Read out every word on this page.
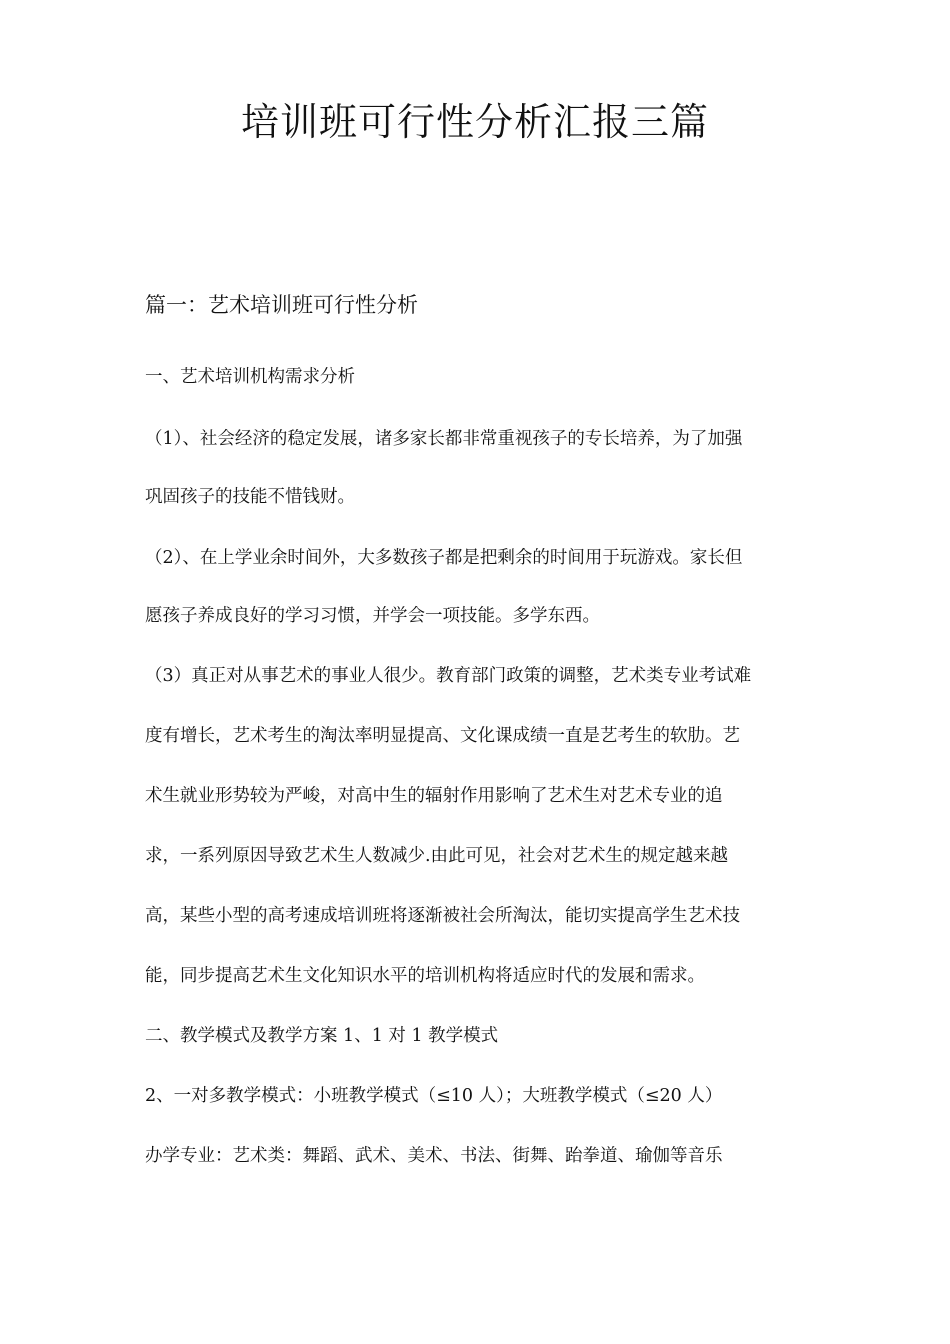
培训班可行性分析汇报三篇
篇一：艺术培训班可行性分析

一、艺术培训机构需求分析

（1）、社会经济的稳定发展，诸多家长都非常重视孩子的专长培养，为了加强

巩固孩子的技能不惜钱财。

（2）、在上学业余时间外，大多数孩子都是把剩余的时间用于玩游戏。家长但

愿孩子养成良好的学习习惯，并学会一项技能。多学东西。

（3）真正对从事艺术的事业人很少。教育部门政策的调整，艺术类专业考试难

度有增长，艺术考生的淘汰率明显提高、文化课成绩一直是艺考生的软肋。艺

术生就业形势较为严峻，对高中生的辐射作用影响了艺术生对艺术专业的追

求，一系列原因导致艺术生人数减少.由此可见，社会对艺术生的规定越来越

高，某些小型的高考速成培训班将逐渐被社会所淘汰，能切实提高学生艺术技

能，同步提高艺术生文化知识水平的培训机构将适应时代的发展和需求。

二、教学模式及教学方案 1、1 对 1 教学模式

2、一对多教学模式：小班教学模式（≤10 人）；大班教学模式（≤20 人）

办学专业：艺术类：舞蹈、武术、美术、书法、街舞、跆拳道、瑜伽等音乐
